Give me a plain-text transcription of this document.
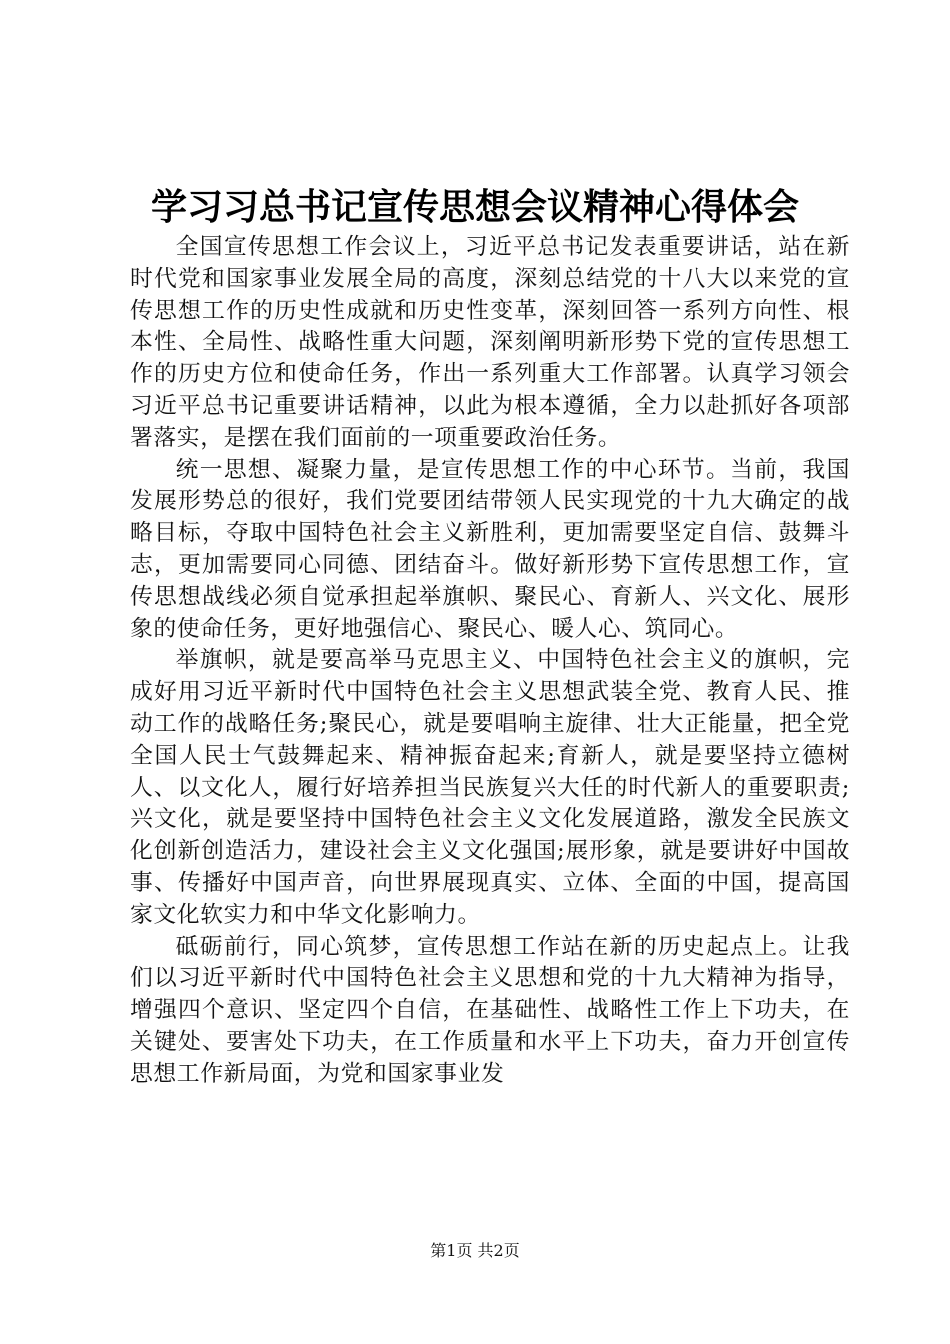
学习习总书记宣传思想会议精神心得体会

全国宣传思想工作会议上，习近平总书记发表重要讲话，站在新时代党和国家事业发展全局的高度，深刻总结党的十八大以来党的宣传思想工作的历史性成就和历史性变革，深刻回答一系列方向性、根本性、全局性、战略性重大问题，深刻阐明新形势下党的宣传思想工作的历史方位和使命任务，作出一系列重大工作部署。认真学习领会习近平总书记重要讲话精神，以此为根本遵循，全力以赴抓好各项部署落实，是摆在我们面前的一项重要政治任务。

统一思想、凝聚力量，是宣传思想工作的中心环节。当前，我国发展形势总的很好，我们党要团结带领人民实现党的十九大确定的战略目标，夺取中国特色社会主义新胜利，更加需要坚定自信、鼓舞斗志，更加需要同心同德、团结奋斗。做好新形势下宣传思想工作，宣传思想战线必须自觉承担起举旗帜、聚民心、育新人、兴文化、展形象的使命任务，更好地强信心、聚民心、暖人心、筑同心。

举旗帜，就是要高举马克思主义、中国特色社会主义的旗帜，完成好用习近平新时代中国特色社会主义思想武装全党、教育人民、推动工作的战略任务;聚民心，就是要唱响主旋律、壮大正能量，把全党全国人民士气鼓舞起来、精神振奋起来;育新人，就是要坚持立德树人、以文化人，履行好培养担当民族复兴大任的时代新人的重要职责;兴文化，就是要坚持中国特色社会主义文化发展道路，激发全民族文化创新创造活力，建设社会主义文化强国;展形象，就是要讲好中国故事、传播好中国声音，向世界展现真实、立体、全面的中国，提高国家文化软实力和中华文化影响力。

砥砺前行，同心筑梦，宣传思想工作站在新的历史起点上。让我们以习近平新时代中国特色社会主义思想和党的十九大精神为指导，增强四个意识、坚定四个自信，在基础性、战略性工作上下功夫，在关键处、要害处下功夫，在工作质量和水平上下功夫，奋力开创宣传思想工作新局面，为党和国家事业发

第1页 共2页
